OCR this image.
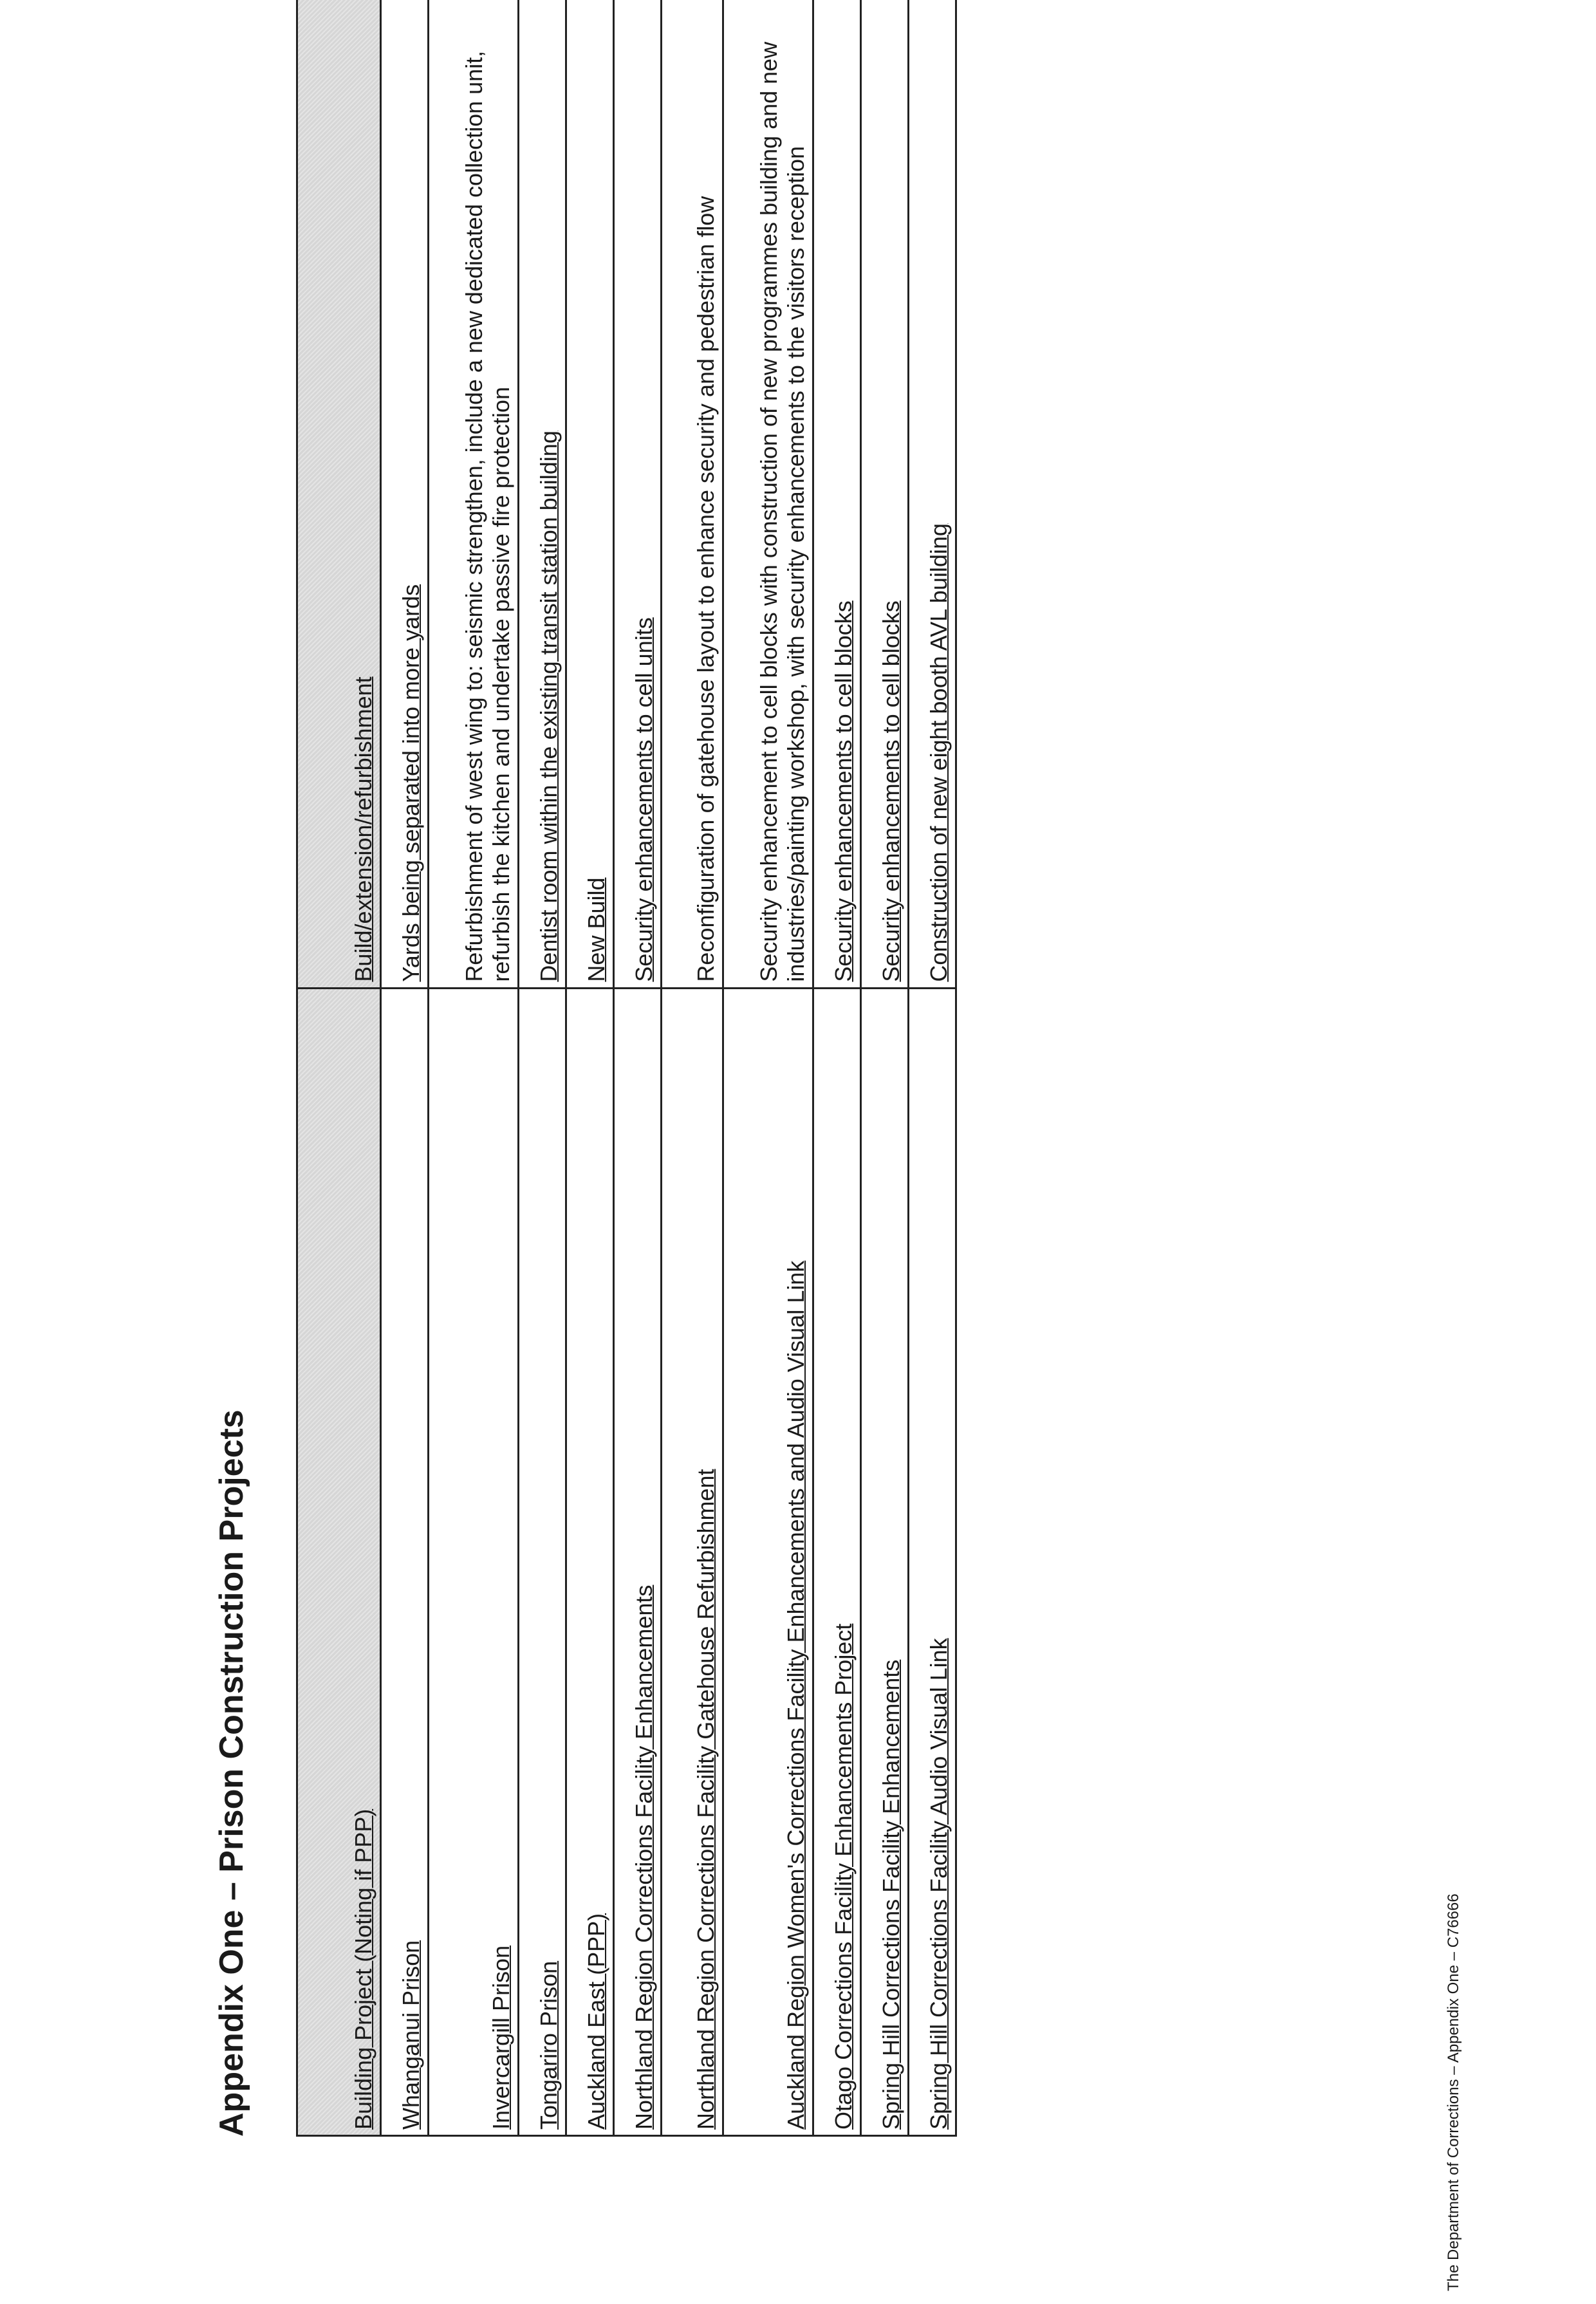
Appendix One – Prison Construction Projects	Building Project (Noting if PPP)	Build/extension/refurbishment
Whanganui Prison	Yards being separated into more yards
Invercargill Prison	Refurbishment of west wing to: seismic strengthen, include a new dedicated collection unit, refurbish the kitchen and undertake passive fire protection
Tongariro Prison	Dentist room within the existing transit station building
Auckland East (PPP)	New Build
Northland Region Corrections Facility Enhancements	Security enhancements to cell units
Northland Region Corrections Facility Gatehouse Refurbishment	Reconfiguration of gatehouse layout to enhance security and pedestrian flow
Auckland Region Women's Corrections Facility Enhancements and Audio Visual Link	Security enhancement to cell blocks with construction of new programmes building and new industries/painting workshop, with security enhancements to the visitors reception
Otago Corrections Facility Enhancements Project	Security enhancements to cell blocks
Spring Hill Corrections Facility Enhancements	Security enhancements to cell blocks
Spring Hill Corrections Facility Audio Visual Link	Construction of new eight booth AVL building
The Department of Corrections – Appendix One – C76666
